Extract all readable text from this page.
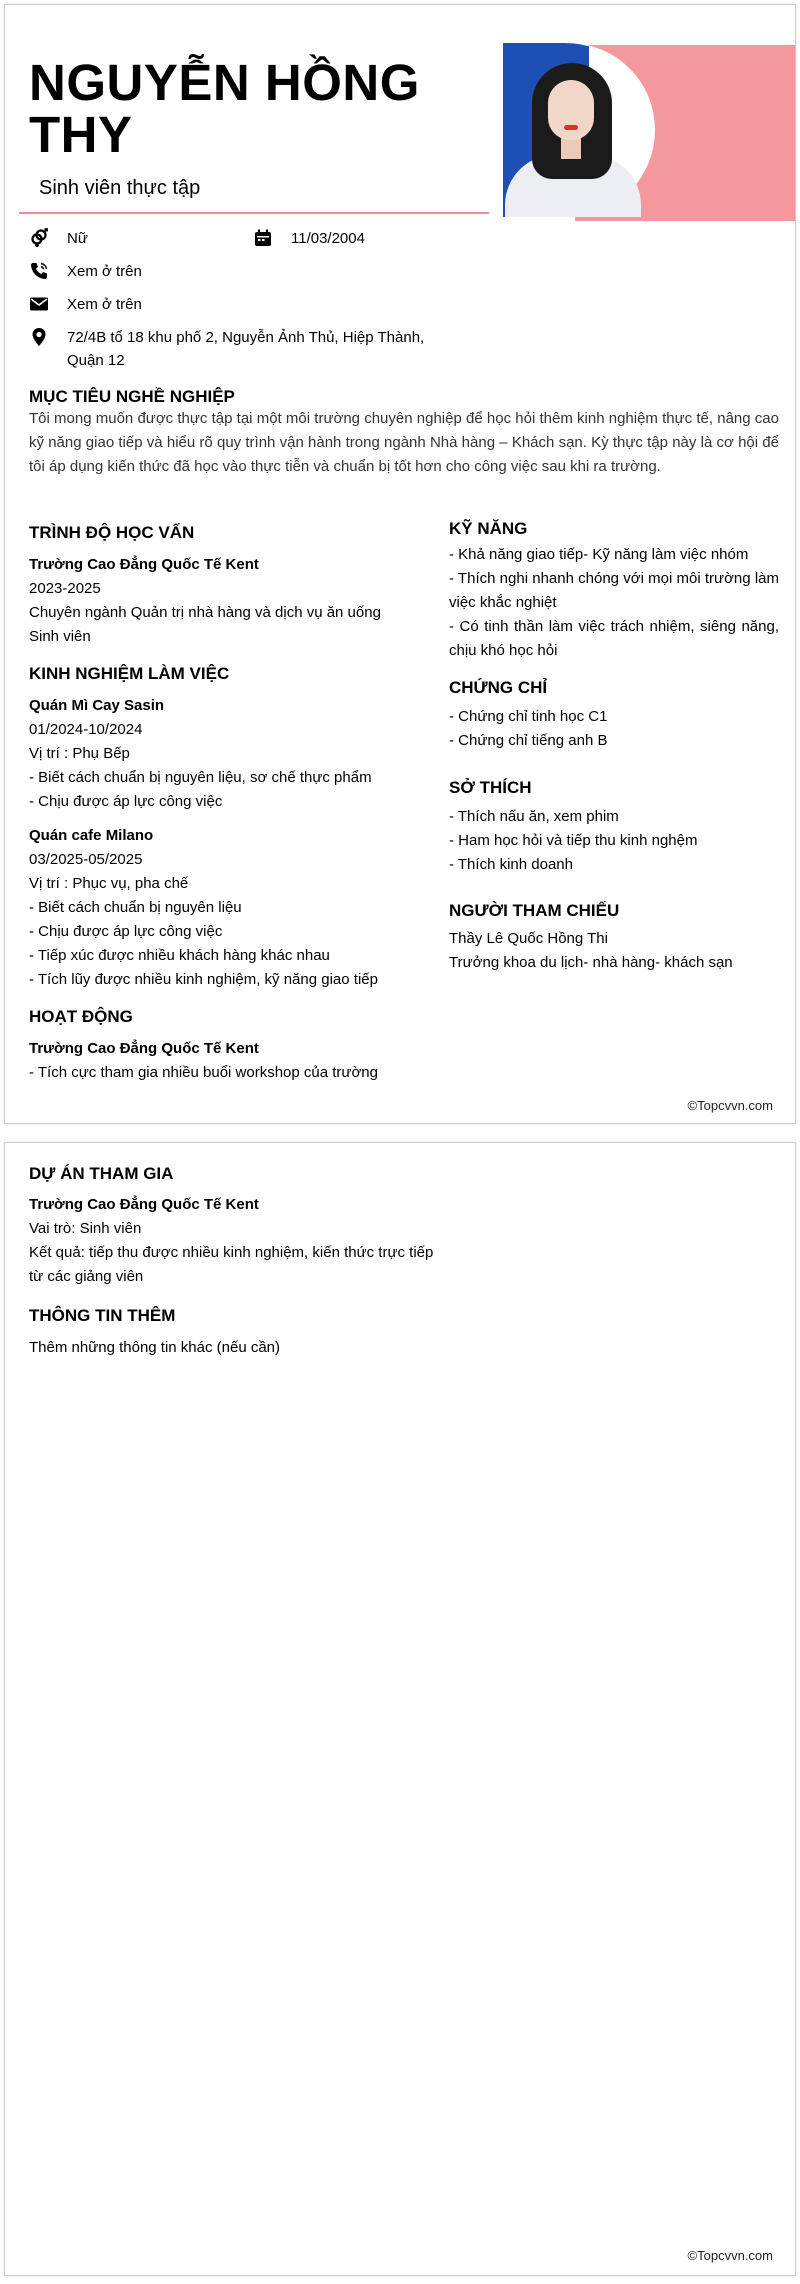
NGUYỄN HỒNG THY
Sinh viên thực tập
Nữ	11/03/2004
Xem ở trên
Xem ở trên
72/4B tổ 18 khu phố 2, Nguyễn Ảnh Thủ, Hiệp Thành, Quận 12
MỤC TIÊU NGHỀ NGHIỆP
Tôi mong muốn được thực tập tại một môi trường chuyên nghiệp để học hỏi thêm kinh nghiệm thực tế, nâng cao kỹ năng giao tiếp và hiểu rõ quy trình vận hành trong ngành Nhà hàng – Khách sạn. Kỳ thực tập này là cơ hội để tôi áp dụng kiến thức đã học vào thực tiễn và chuẩn bị tốt hơn cho công việc sau khi ra trường.
TRÌNH ĐỘ HỌC VẤN
Trường Cao Đẳng Quốc Tế Kent
2023-2025
Chuyên ngành Quản trị nhà hàng và dịch vụ ăn uống
Sinh viên
KINH NGHIỆM LÀM VIỆC
Quán Mì Cay Sasin
01/2024-10/2024
Vị trí : Phụ Bếp
- Biết cách chuẩn bị nguyên liệu, sơ chế thực phẩm
- Chịu được áp lực công việc
Quán cafe Milano
03/2025-05/2025
Vị trí : Phục vụ, pha chế
- Biết cách chuẩn bị nguyên liệu
- Chịu được áp lực công việc
- Tiếp xúc được nhiều khách hàng khác nhau
- Tích lũy được nhiều kinh nghiệm, kỹ năng giao tiếp
HOẠT ĐỘNG
Trường Cao Đẳng Quốc Tế Kent
- Tích cực tham gia nhiều buổi workshop của trường
KỸ NĂNG
- Khả năng giao tiếp- Kỹ năng làm việc nhóm
- Thích nghi nhanh chóng với mọi môi trường làm việc khắc nghiệt
- Có tinh thần làm việc trách nhiệm, siêng năng, chịu khó học hỏi
CHỨNG CHỈ
- Chứng chỉ tinh học C1
- Chứng chỉ tiếng anh B
SỞ THÍCH
- Thích nấu ăn, xem phim
- Ham học hỏi và tiếp thu kinh nghệm
- Thích kinh doanh
NGƯỜI THAM CHIẾU
Thầy Lê Quốc Hồng Thi
Trưởng khoa du lịch- nhà hàng- khách sạn
©Topcvvn.com
DỰ ÁN THAM GIA
Trường Cao Đẳng Quốc Tế Kent
Vai trò: Sinh viên
Kết quả: tiếp thu được nhiều kinh nghiệm, kiến thức trực tiếp từ các giảng viên
THÔNG TIN THÊM
Thêm những thông tin khác (nếu cần)
©Topcvvn.com
